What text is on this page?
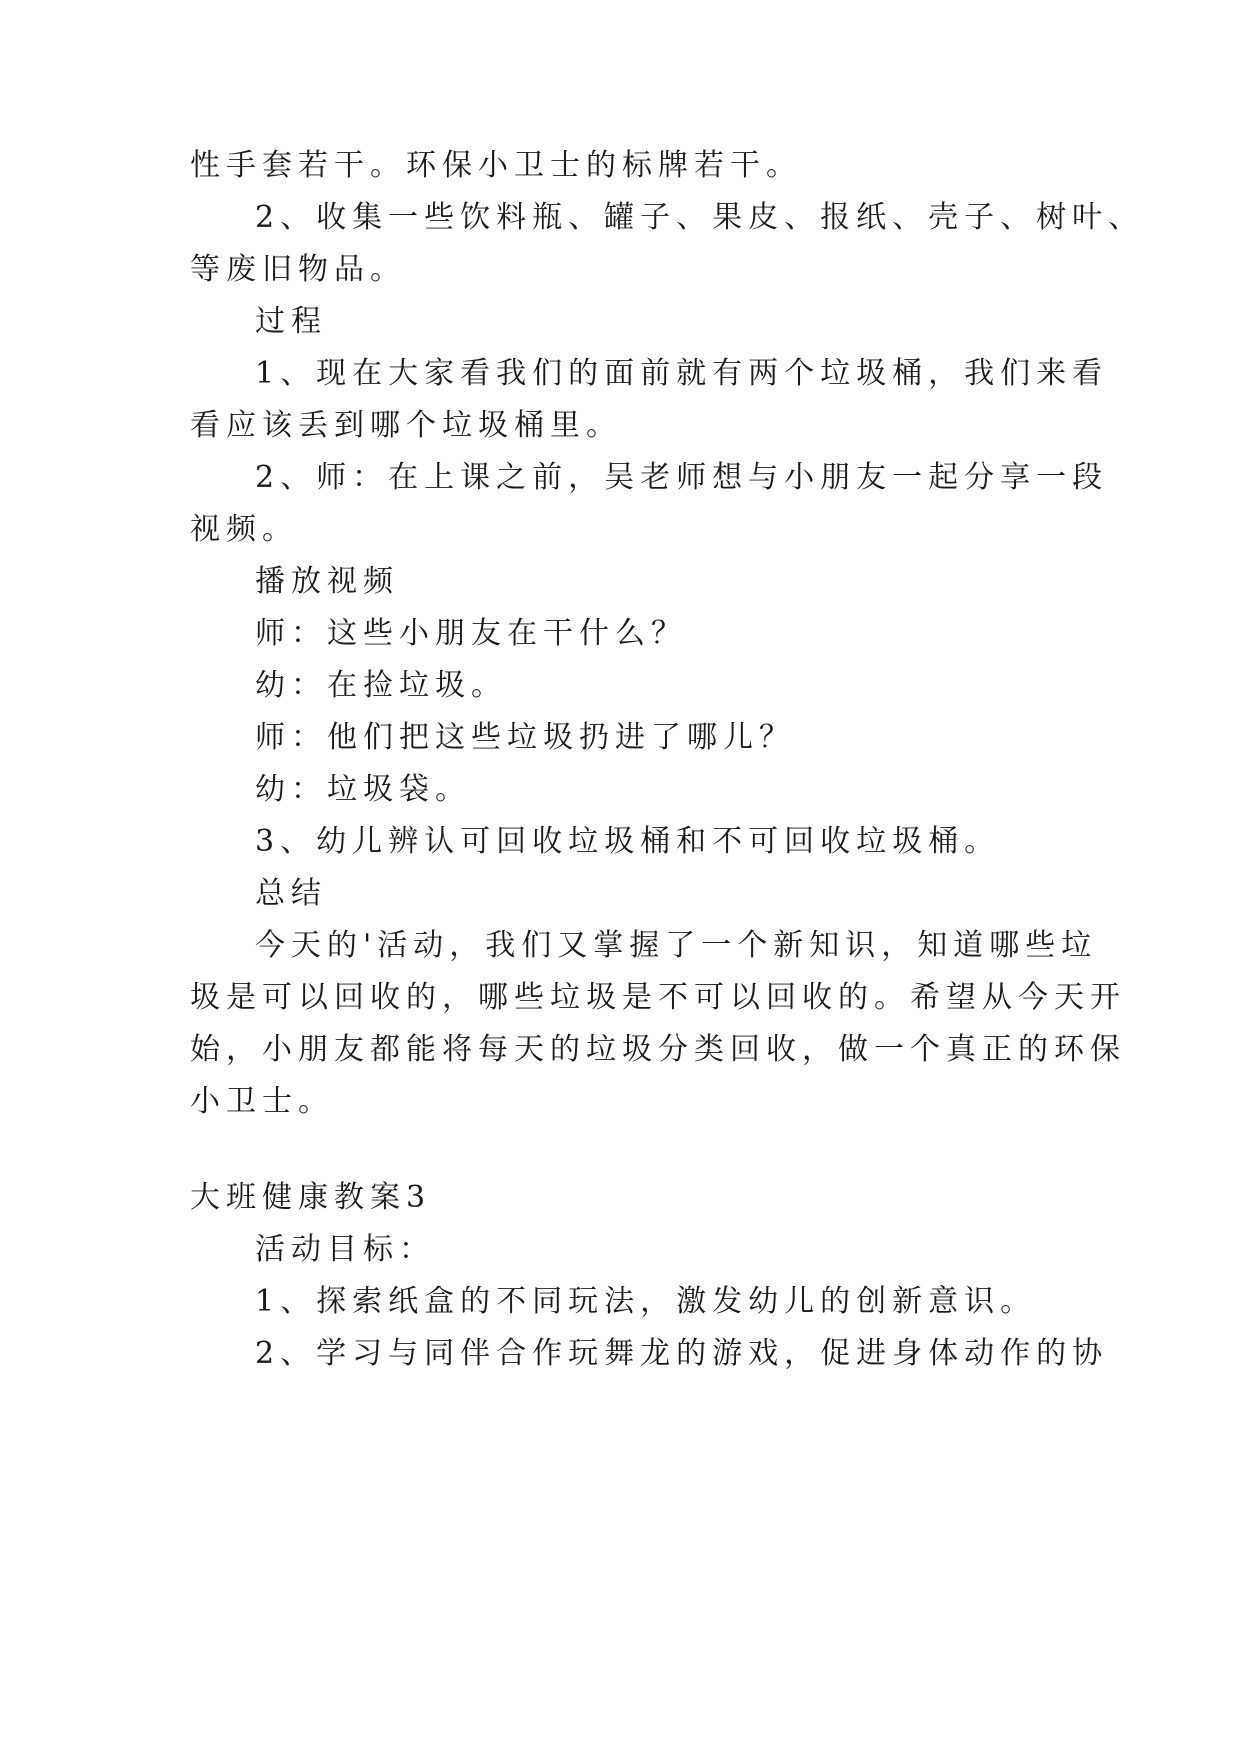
性手套若干。环保小卫士的标牌若干。
2、收集一些饮料瓶、罐子、果皮、报纸、壳子、树叶、
等废旧物品。
过程
1、现在大家看我们的面前就有两个垃圾桶，我们来看
看应该丢到哪个垃圾桶里。
2、师：在上课之前，吴老师想与小朋友一起分享一段
视频。
播放视频
师：这些小朋友在干什么？
幼：在捡垃圾。
师：他们把这些垃圾扔进了哪儿？
幼：垃圾袋。
3、幼儿辨认可回收垃圾桶和不可回收垃圾桶。
总结
今天的'活动，我们又掌握了一个新知识，知道哪些垃
圾是可以回收的，哪些垃圾是不可以回收的。希望从今天开
始，小朋友都能将每天的垃圾分类回收，做一个真正的环保
小卫士。
大班健康教案3
活动目标：
1、探索纸盒的不同玩法，激发幼儿的创新意识。
2、学习与同伴合作玩舞龙的游戏，促进身体动作的协
